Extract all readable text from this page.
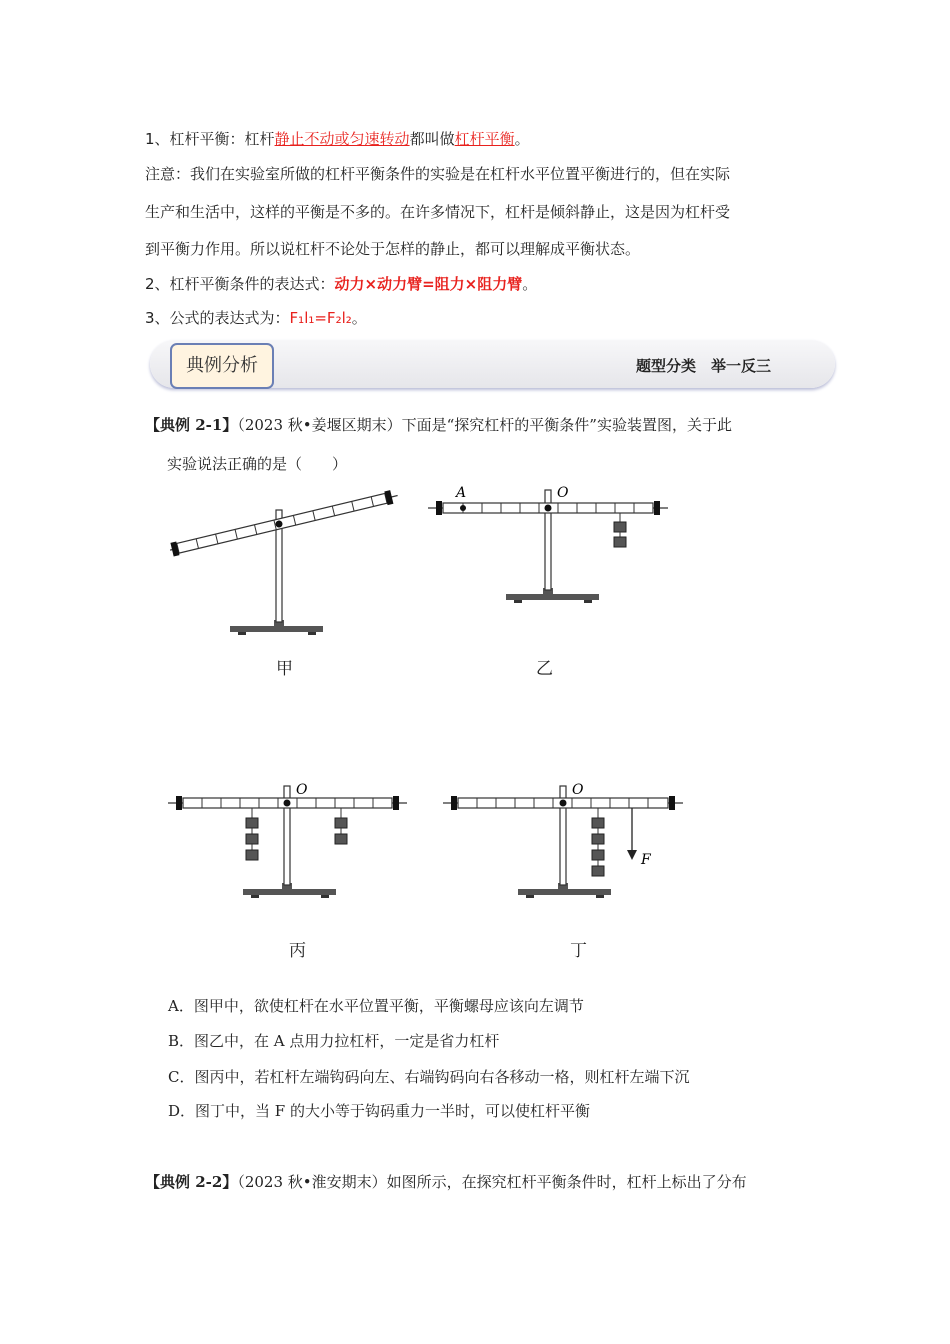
1、杠杆平衡：杠杆静止不动或匀速转动都叫做杠杆平衡。
注意：我们在实验室所做的杠杆平衡条件的实验是在杠杆水平位置平衡进行的，但在实际
生产和生活中，这样的平衡是不多的。在许多情况下，杠杆是倾斜静止，这是因为杠杆受
到平衡力作用。所以说杠杆不论处于怎样的静止，都可以理解成平衡状态。
2、杠杆平衡条件的表达式：动力×动力臂=阻力×阻力臂。
3、公式的表达式为：F₁l₁=F₂l₂。
典例分析	题型分类　举一反三
【典例 2-1】（2023 秋•姜堰区期末）下面是“探究杠杆的平衡条件”实验装置图，关于此
实验说法正确的是（　　）
甲
A	O
乙
O
丙
O
F
丁
A．图甲中，欲使杠杆在水平位置平衡，平衡螺母应该向左调节
B．图乙中，在 A 点用力拉杠杆，一定是省力杠杆
C．图丙中，若杠杆左端钩码向左、右端钩码向右各移动一格，则杠杆左端下沉
D．图丁中，当 F 的大小等于钩码重力一半时，可以使杠杆平衡
【典例 2-2】（2023 秋•淮安期末）如图所示，在探究杠杆平衡条件时，杠杆上标出了分布
